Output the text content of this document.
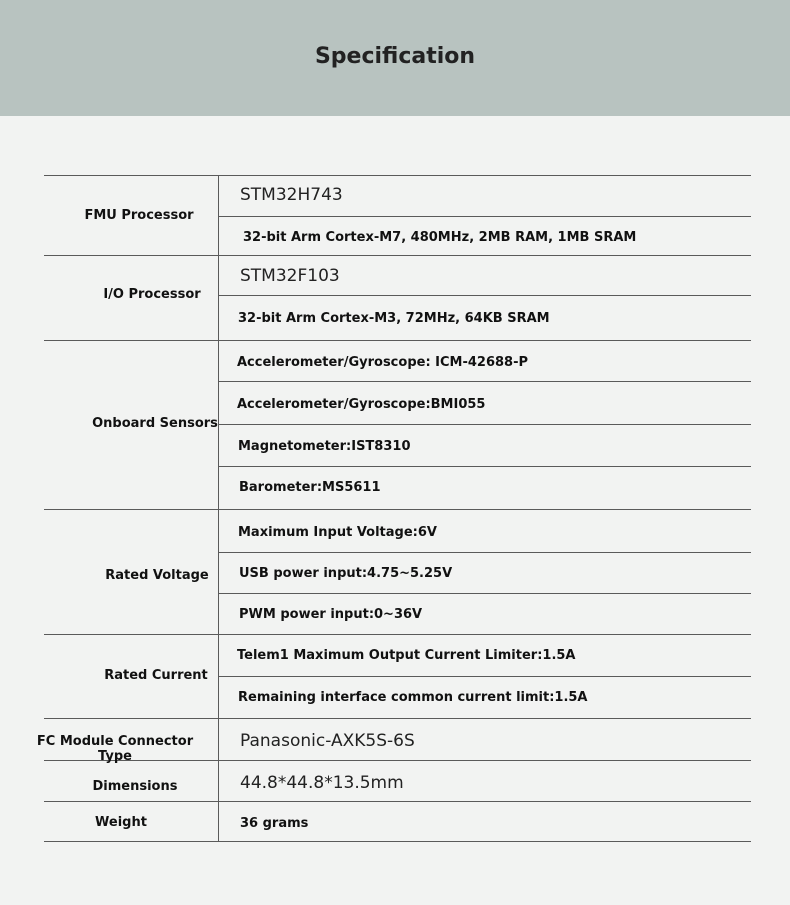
Specification
FMU Processor
STM32H743
32-bit Arm Cortex-M7, 480MHz, 2MB RAM, 1MB SRAM
I/O Processor
STM32F103
32-bit Arm Cortex-M3, 72MHz, 64KB SRAM
Onboard Sensors
Accelerometer/Gyroscope: ICM-42688-P
Accelerometer/Gyroscope:BMI055
Magnetometer:IST8310
Barometer:MS5611
Rated Voltage
Maximum Input Voltage:6V
USB power input:4.75~5.25V
PWM power input:0~36V
Rated Current
Telem1 Maximum Output Current Limiter:1.5A
Remaining interface common current limit:1.5A
FC Module Connector Type
Panasonic-AXK5S-6S
Dimensions	44.8*44.8*13.5mm
Weight	36 grams
